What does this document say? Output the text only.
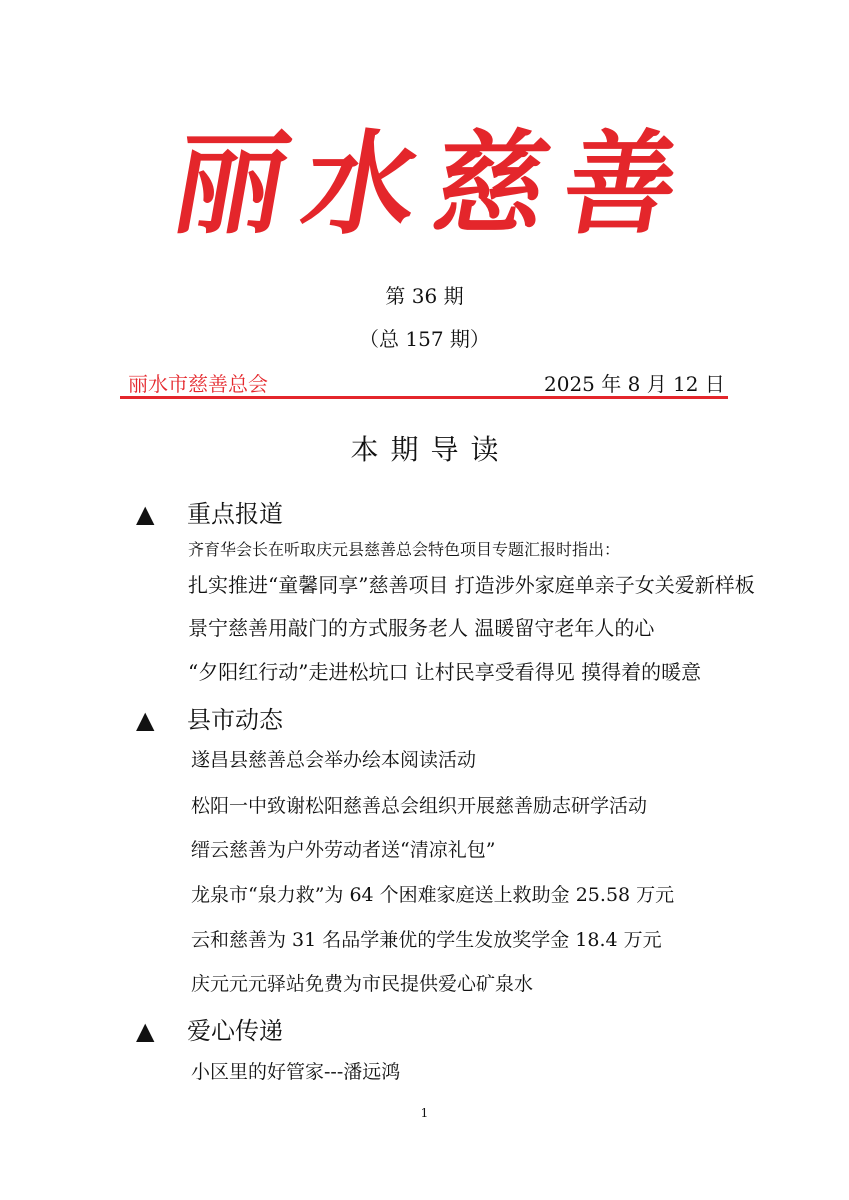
丽水慈善

第 36 期

（总 157 期）

丽水市慈善总会	2025 年 8 月 12 日

本期导读
▲ 重点报道

齐育华会长在听取庆元县慈善总会特色项目专题汇报时指出：

扎实推进“童馨同享”慈善项目 打造涉外家庭单亲子女关爱新样板

景宁慈善用敲门的方式服务老人 温暖留守老年人的心

“夕阳红行动”走进松坑口 让村民享受看得见 摸得着的暖意

▲ 县市动态

遂昌县慈善总会举办绘本阅读活动

松阳一中致谢松阳慈善总会组织开展慈善励志研学活动

缙云慈善为户外劳动者送“清凉礼包”

龙泉市“泉力救”为 64 个困难家庭送上救助金 25.58 万元

云和慈善为 31 名品学兼优的学生发放奖学金 18.4 万元

庆元元元驿站免费为市民提供爱心矿泉水

▲ 爱心传递

小区里的好管家---潘远鸿

1
